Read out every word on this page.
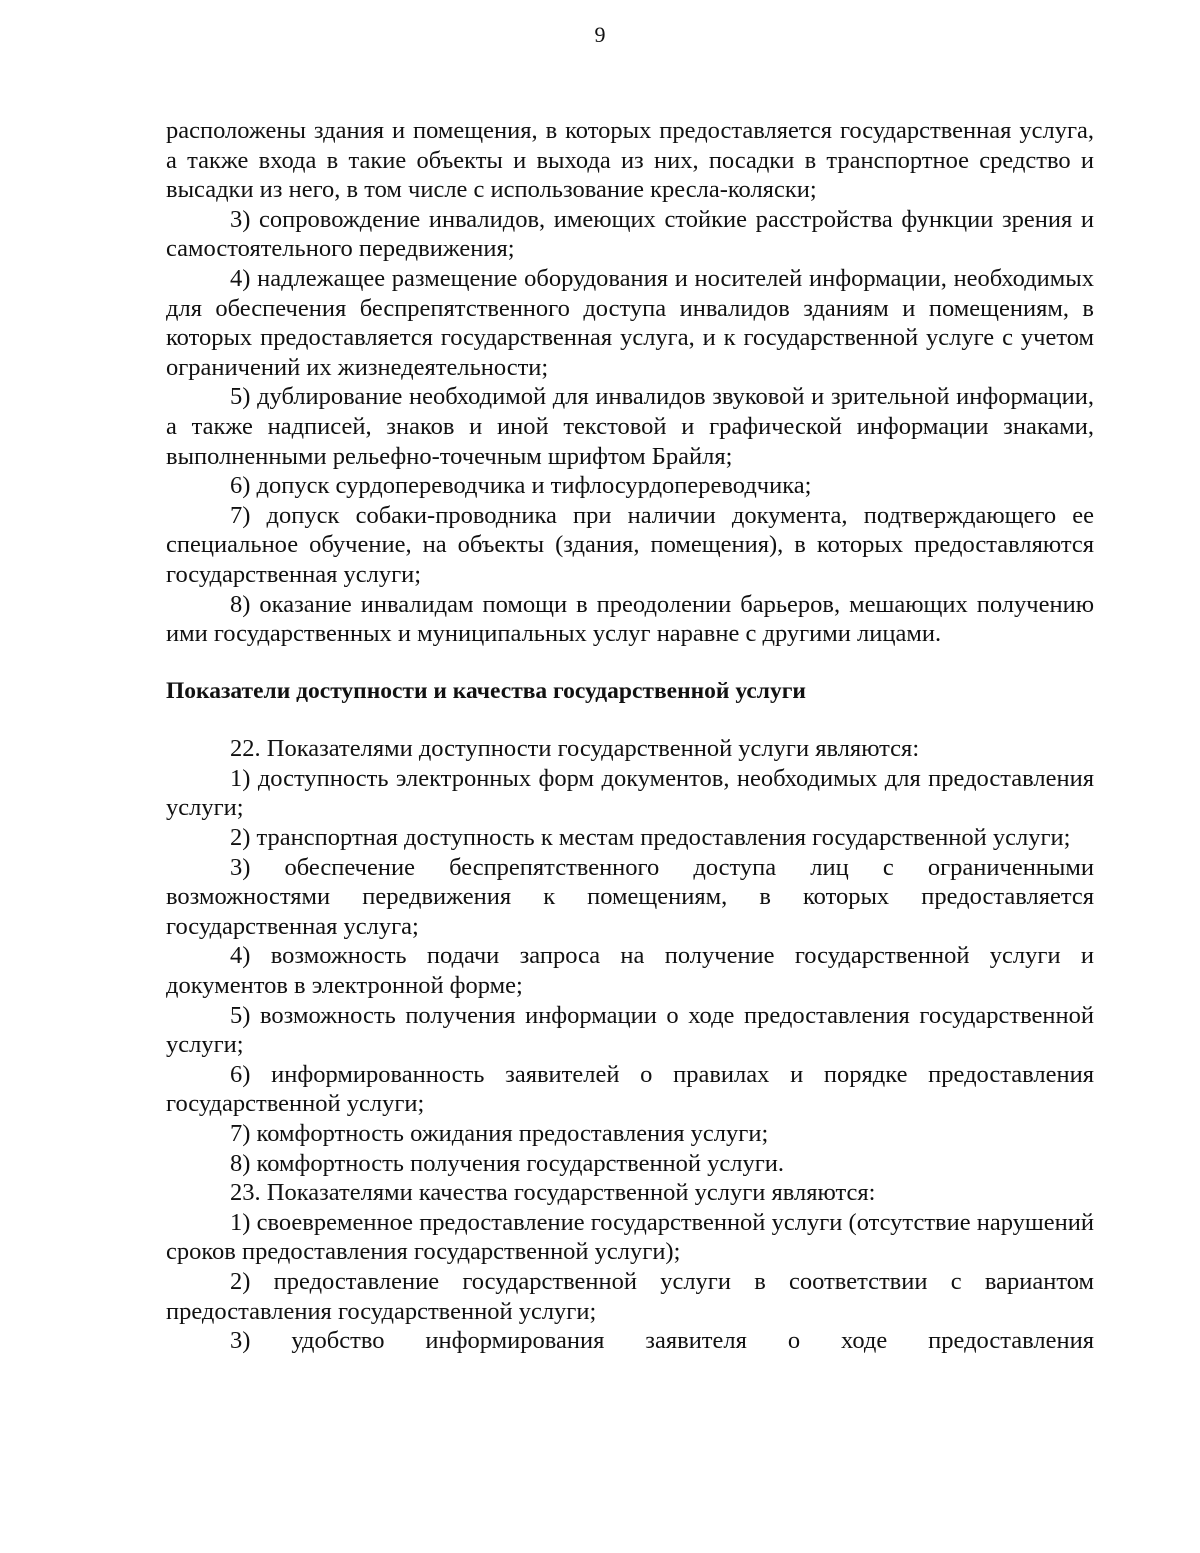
9

расположены здания и помещения, в которых предоставляется государственная услуга, а также входа в такие объекты и выхода из них, посадки в транспортное средство и высадки из него, в том числе с использование кресла-коляски;

3) сопровождение инвалидов, имеющих стойкие расстройства функции зрения и самостоятельного передвижения;

4) надлежащее размещение оборудования и носителей информации, необходимых для обеспечения беспрепятственного доступа инвалидов зданиям и помещениям, в которых предоставляется государственная услуга, и к государственной услуге с учетом ограничений их жизнедеятельности;

5) дублирование необходимой для инвалидов звуковой и зрительной информации, а также надписей, знаков и иной текстовой и графической информации знаками, выполненными рельефно-точечным шрифтом Брайля;

6) допуск сурдопереводчика и тифлосурдопереводчика;

7) допуск собаки-проводника при наличии документа, подтверждающего ее специальное обучение, на объекты (здания, помещения), в которых предоставляются государственная услуги;

8) оказание инвалидам помощи в преодолении барьеров, мешающих получению ими государственных и муниципальных услуг наравне с другими лицами.

Показатели доступности и качества государственной услуги

22. Показателями доступности государственной услуги являются:

1) доступность электронных форм документов, необходимых для предоставления услуги;

2) транспортная доступность к местам предоставления государственной услуги;

3) обеспечение беспрепятственного доступа лиц с ограниченными возможностями передвижения к помещениям, в которых предоставляется государственная услуга;

4) возможность подачи запроса на получение государственной услуги и документов в электронной форме;

5) возможность получения информации о ходе предоставления государственной услуги;

6) информированность заявителей о правилах и порядке предоставления государственной услуги;

7) комфортность ожидания предоставления услуги;

8) комфортность получения государственной услуги.

23. Показателями качества государственной услуги являются:

1) своевременное предоставление государственной услуги (отсутствие нарушений сроков предоставления государственной услуги);

2) предоставление государственной услуги в соответствии с вариантом предоставления государственной услуги;

3) удобство информирования заявителя о ходе предоставления
